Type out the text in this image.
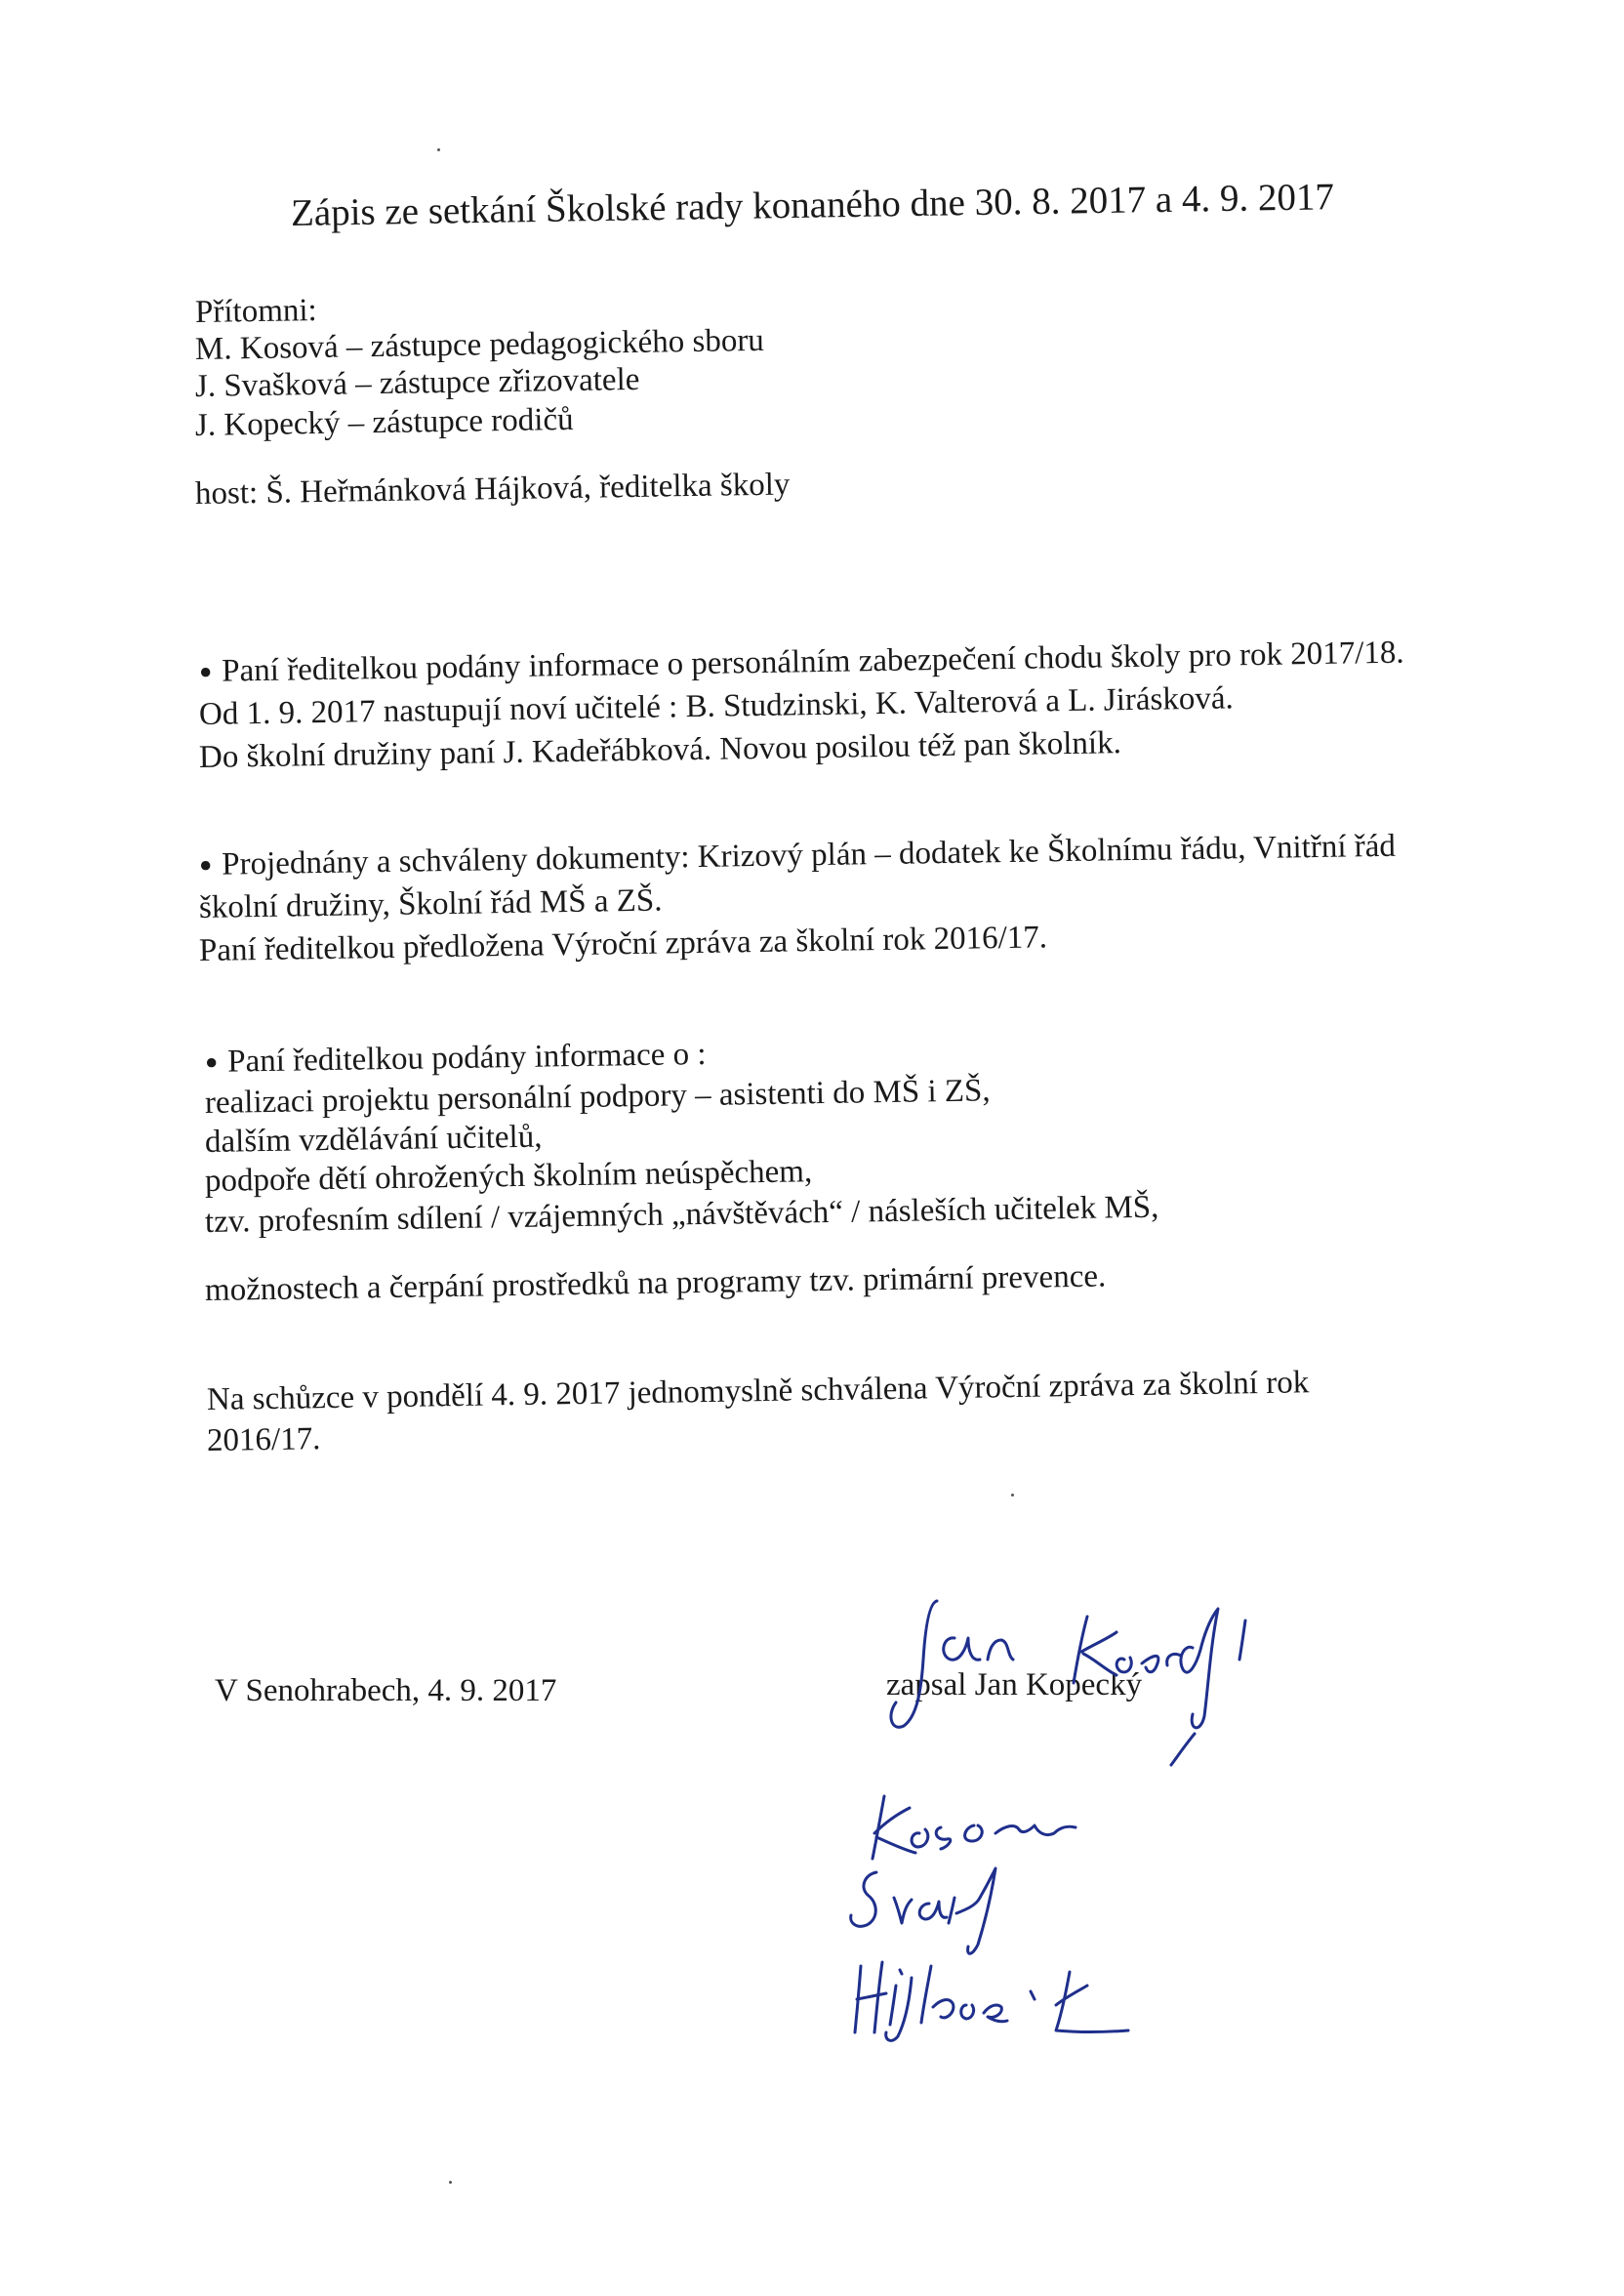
Zápis ze setkání Školské rady konaného dne 30. 8. 2017 a 4. 9. 2017
Přítomni:
M. Kosová – zástupce pedagogického sboru
J. Svašková – zástupce zřizovatele
J. Kopecký – zástupce rodičů
host: Š. Heřmánková Hájková, ředitelka školy
● Paní ředitelkou podány informace o personálním zabezpečení chodu školy pro rok 2017/18.
Od 1. 9. 2017 nastupují noví učitelé : B. Studzinski, K. Valterová a L. Jirásková.
Do školní družiny paní J. Kadeřábková. Novou posilou též pan školník.
● Projednány a schváleny dokumenty: Krizový plán – dodatek ke Školnímu řádu, Vnitřní řád
školní družiny, Školní řád MŠ a ZŠ.
Paní ředitelkou předložena Výroční zpráva za školní rok 2016/17.
● Paní ředitelkou podány informace o :
realizaci projektu personální podpory – asistenti do MŠ i ZŠ,
dalším vzdělávání učitelů,
podpoře dětí ohrožených školním neúspěchem,
tzv. profesním sdílení / vzájemných „návštěvách“ / násleších učitelek MŠ,
možnostech a čerpání prostředků na programy tzv. primární prevence.
Na schůzce v pondělí 4. 9. 2017 jednomyslně schválena Výroční zpráva za školní rok
2016/17.
V Senohrabech, 4. 9. 2017	zapsal Jan Kopecký
